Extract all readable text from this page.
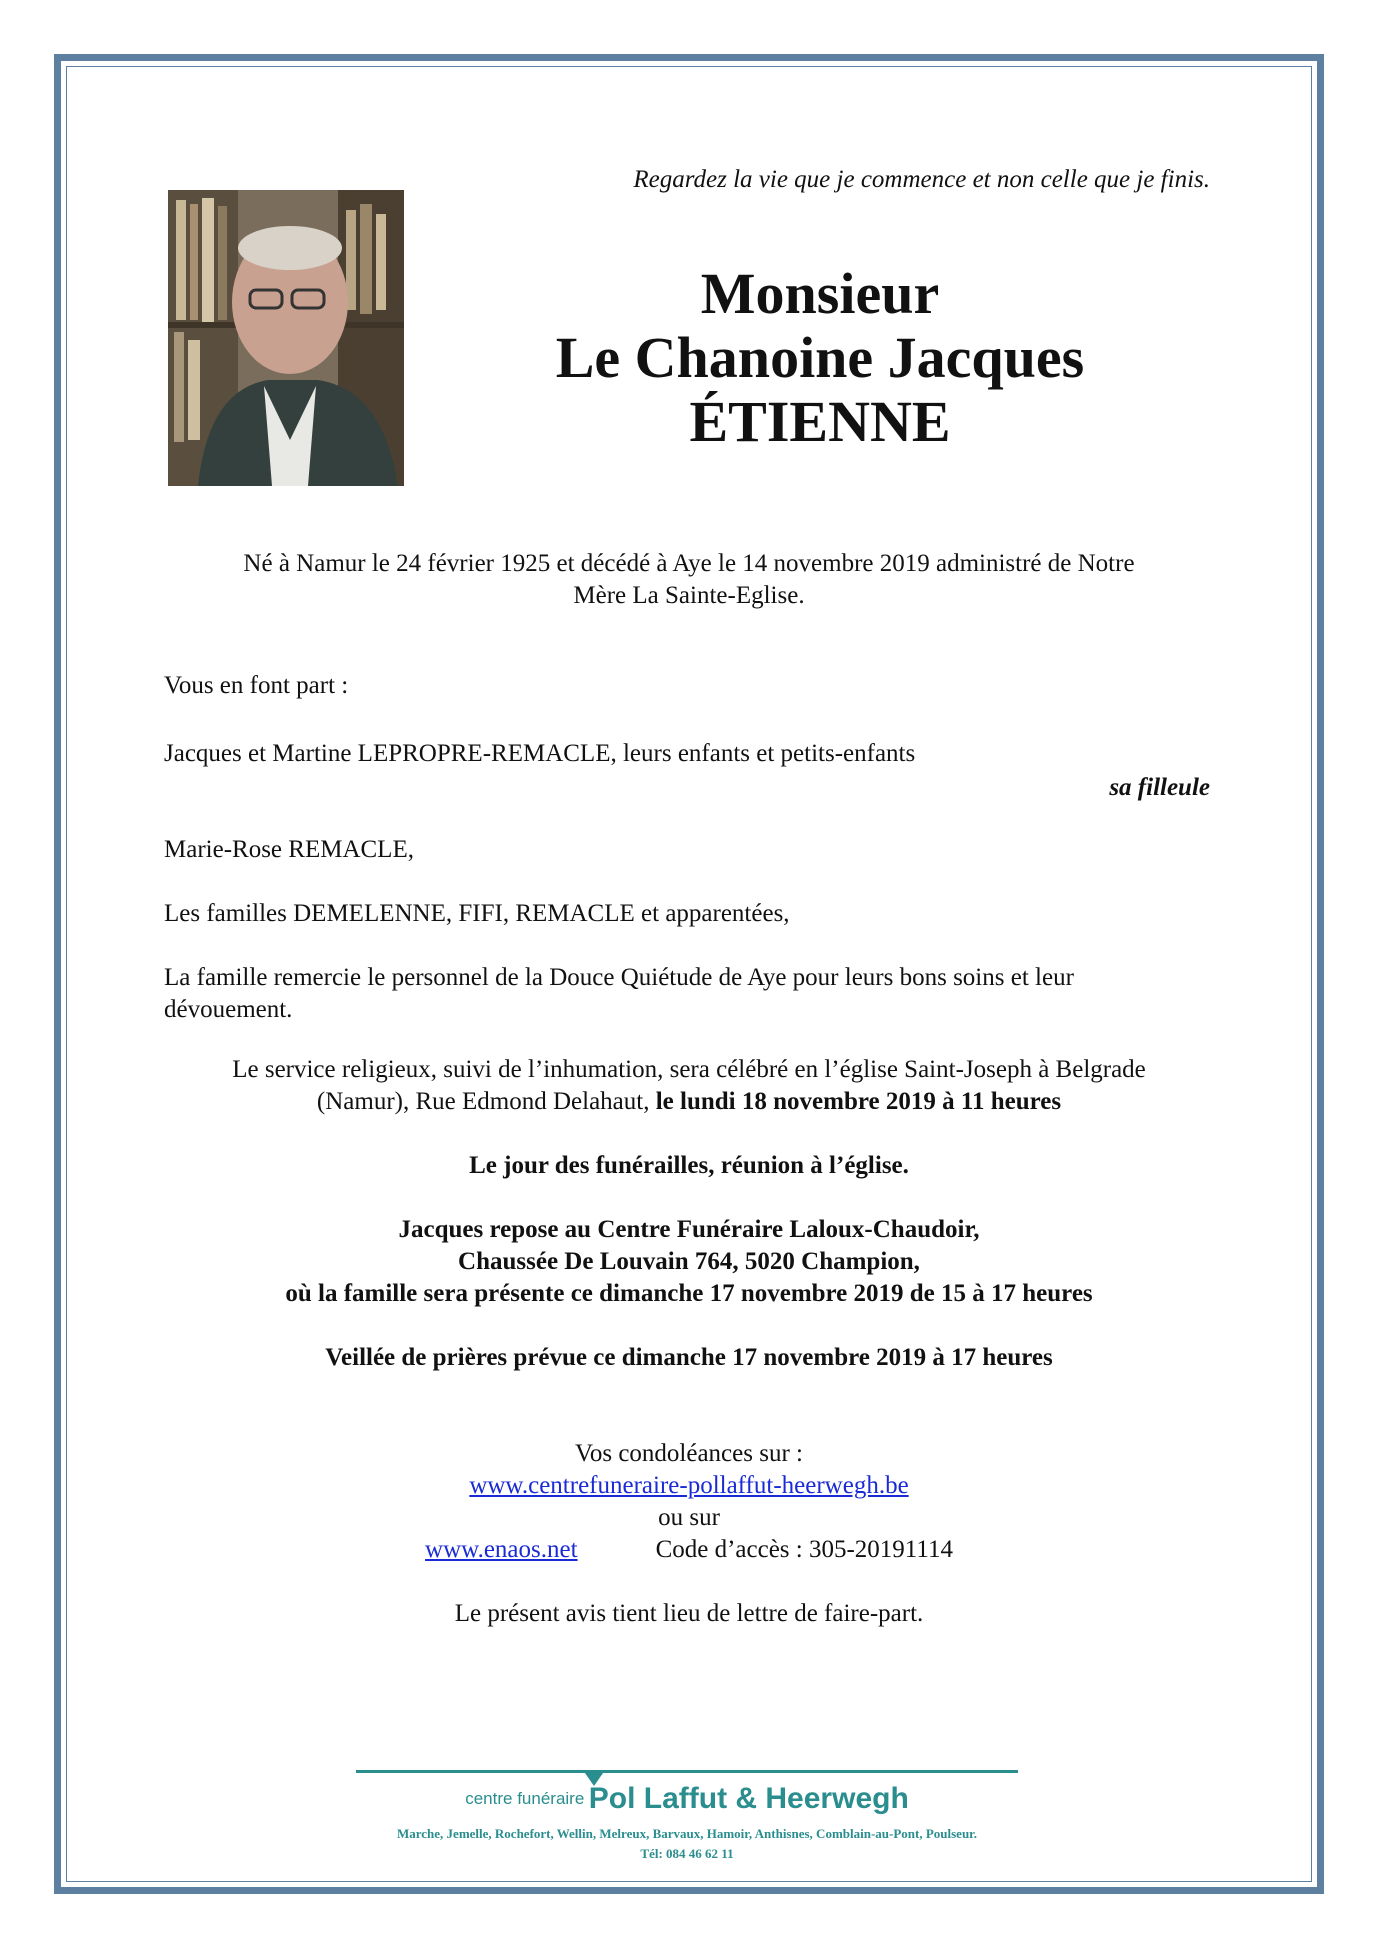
Regardez la vie que je commence et non celle que je finis.
Monsieur
Le Chanoine Jacques
ÉTIENNE
Né à Namur le 24 février 1925 et décédé à Aye le 14 novembre 2019 administré de Notre
Mère La Sainte-Eglise.
Vous en font part :
Jacques et Martine LEPROPRE-REMACLE, leurs enfants et petits-enfants
sa filleule
Marie-Rose REMACLE,
Les familles DEMELENNE, FIFI, REMACLE et apparentées,
La famille remercie le personnel de la Douce Quiétude de Aye pour leurs bons soins et leur
dévouement.
Le service religieux, suivi de l’inhumation, sera célébré en l’église Saint-Joseph à Belgrade
(Namur), Rue Edmond Delahaut, le lundi 18 novembre 2019 à 11 heures
Le jour des funérailles, réunion à l’église.
Jacques repose au Centre Funéraire Laloux-Chaudoir,
Chaussée De Louvain 764, 5020 Champion,
où la famille sera présente ce dimanche 17 novembre 2019 de 15 à 17 heures
Veillée de prières prévue ce dimanche 17 novembre 2019 à 17 heures
Vos condoléances sur :
www.centrefuneraire-pollaffut-heerwegh.be
ou sur
www.enaos.net	Code d’accès : 305-20191114
Le présent avis tient lieu de lettre de faire-part.
centre funéraire Pol Laffut & Heerwegh
Marche, Jemelle, Rochefort, Wellin, Melreux, Barvaux, Hamoir, Anthisnes, Comblain-au-Pont, Poulseur.
Tél: 084 46 62 11
